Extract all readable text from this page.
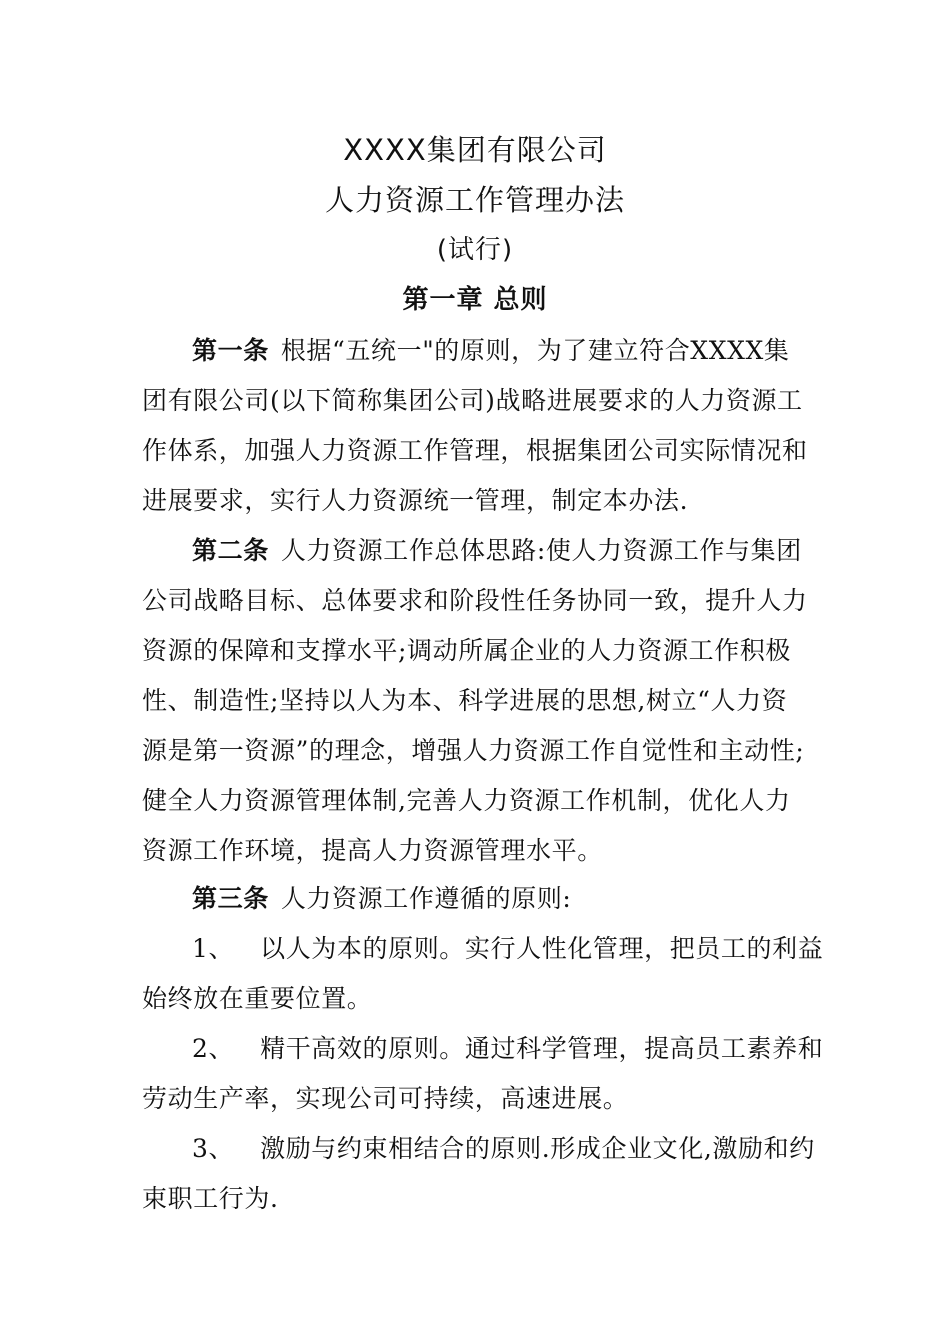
XXXX集团有限公司
人力资源工作管理办法
(试行)
第一章 总则
第一条 根据“五统一"的原则，为了建立符合XXXX集
团有限公司(以下简称集团公司)战略进展要求的人力资源工
作体系，加强人力资源工作管理，根据集团公司实际情况和
进展要求，实行人力资源统一管理，制定本办法.
第二条 人力资源工作总体思路:使人力资源工作与集团
公司战略目标、总体要求和阶段性任务协同一致，提升人力
资源的保障和支撑水平;调动所属企业的人力资源工作积极
性、制造性;坚持以人为本、科学进展的思想,树立“人力资
源是第一资源”的理念，增强人力资源工作自觉性和主动性;
健全人力资源管理体制,完善人力资源工作机制，优化人力
资源工作环境，提高人力资源管理水平。
第三条 人力资源工作遵循的原则:
1、 以人为本的原则。实行人性化管理，把员工的利益
始终放在重要位置。
2、 精干高效的原则。通过科学管理，提高员工素养和
劳动生产率，实现公司可持续，高速进展。
3、 激励与约束相结合的原则.形成企业文化,激励和约
束职工行为.
